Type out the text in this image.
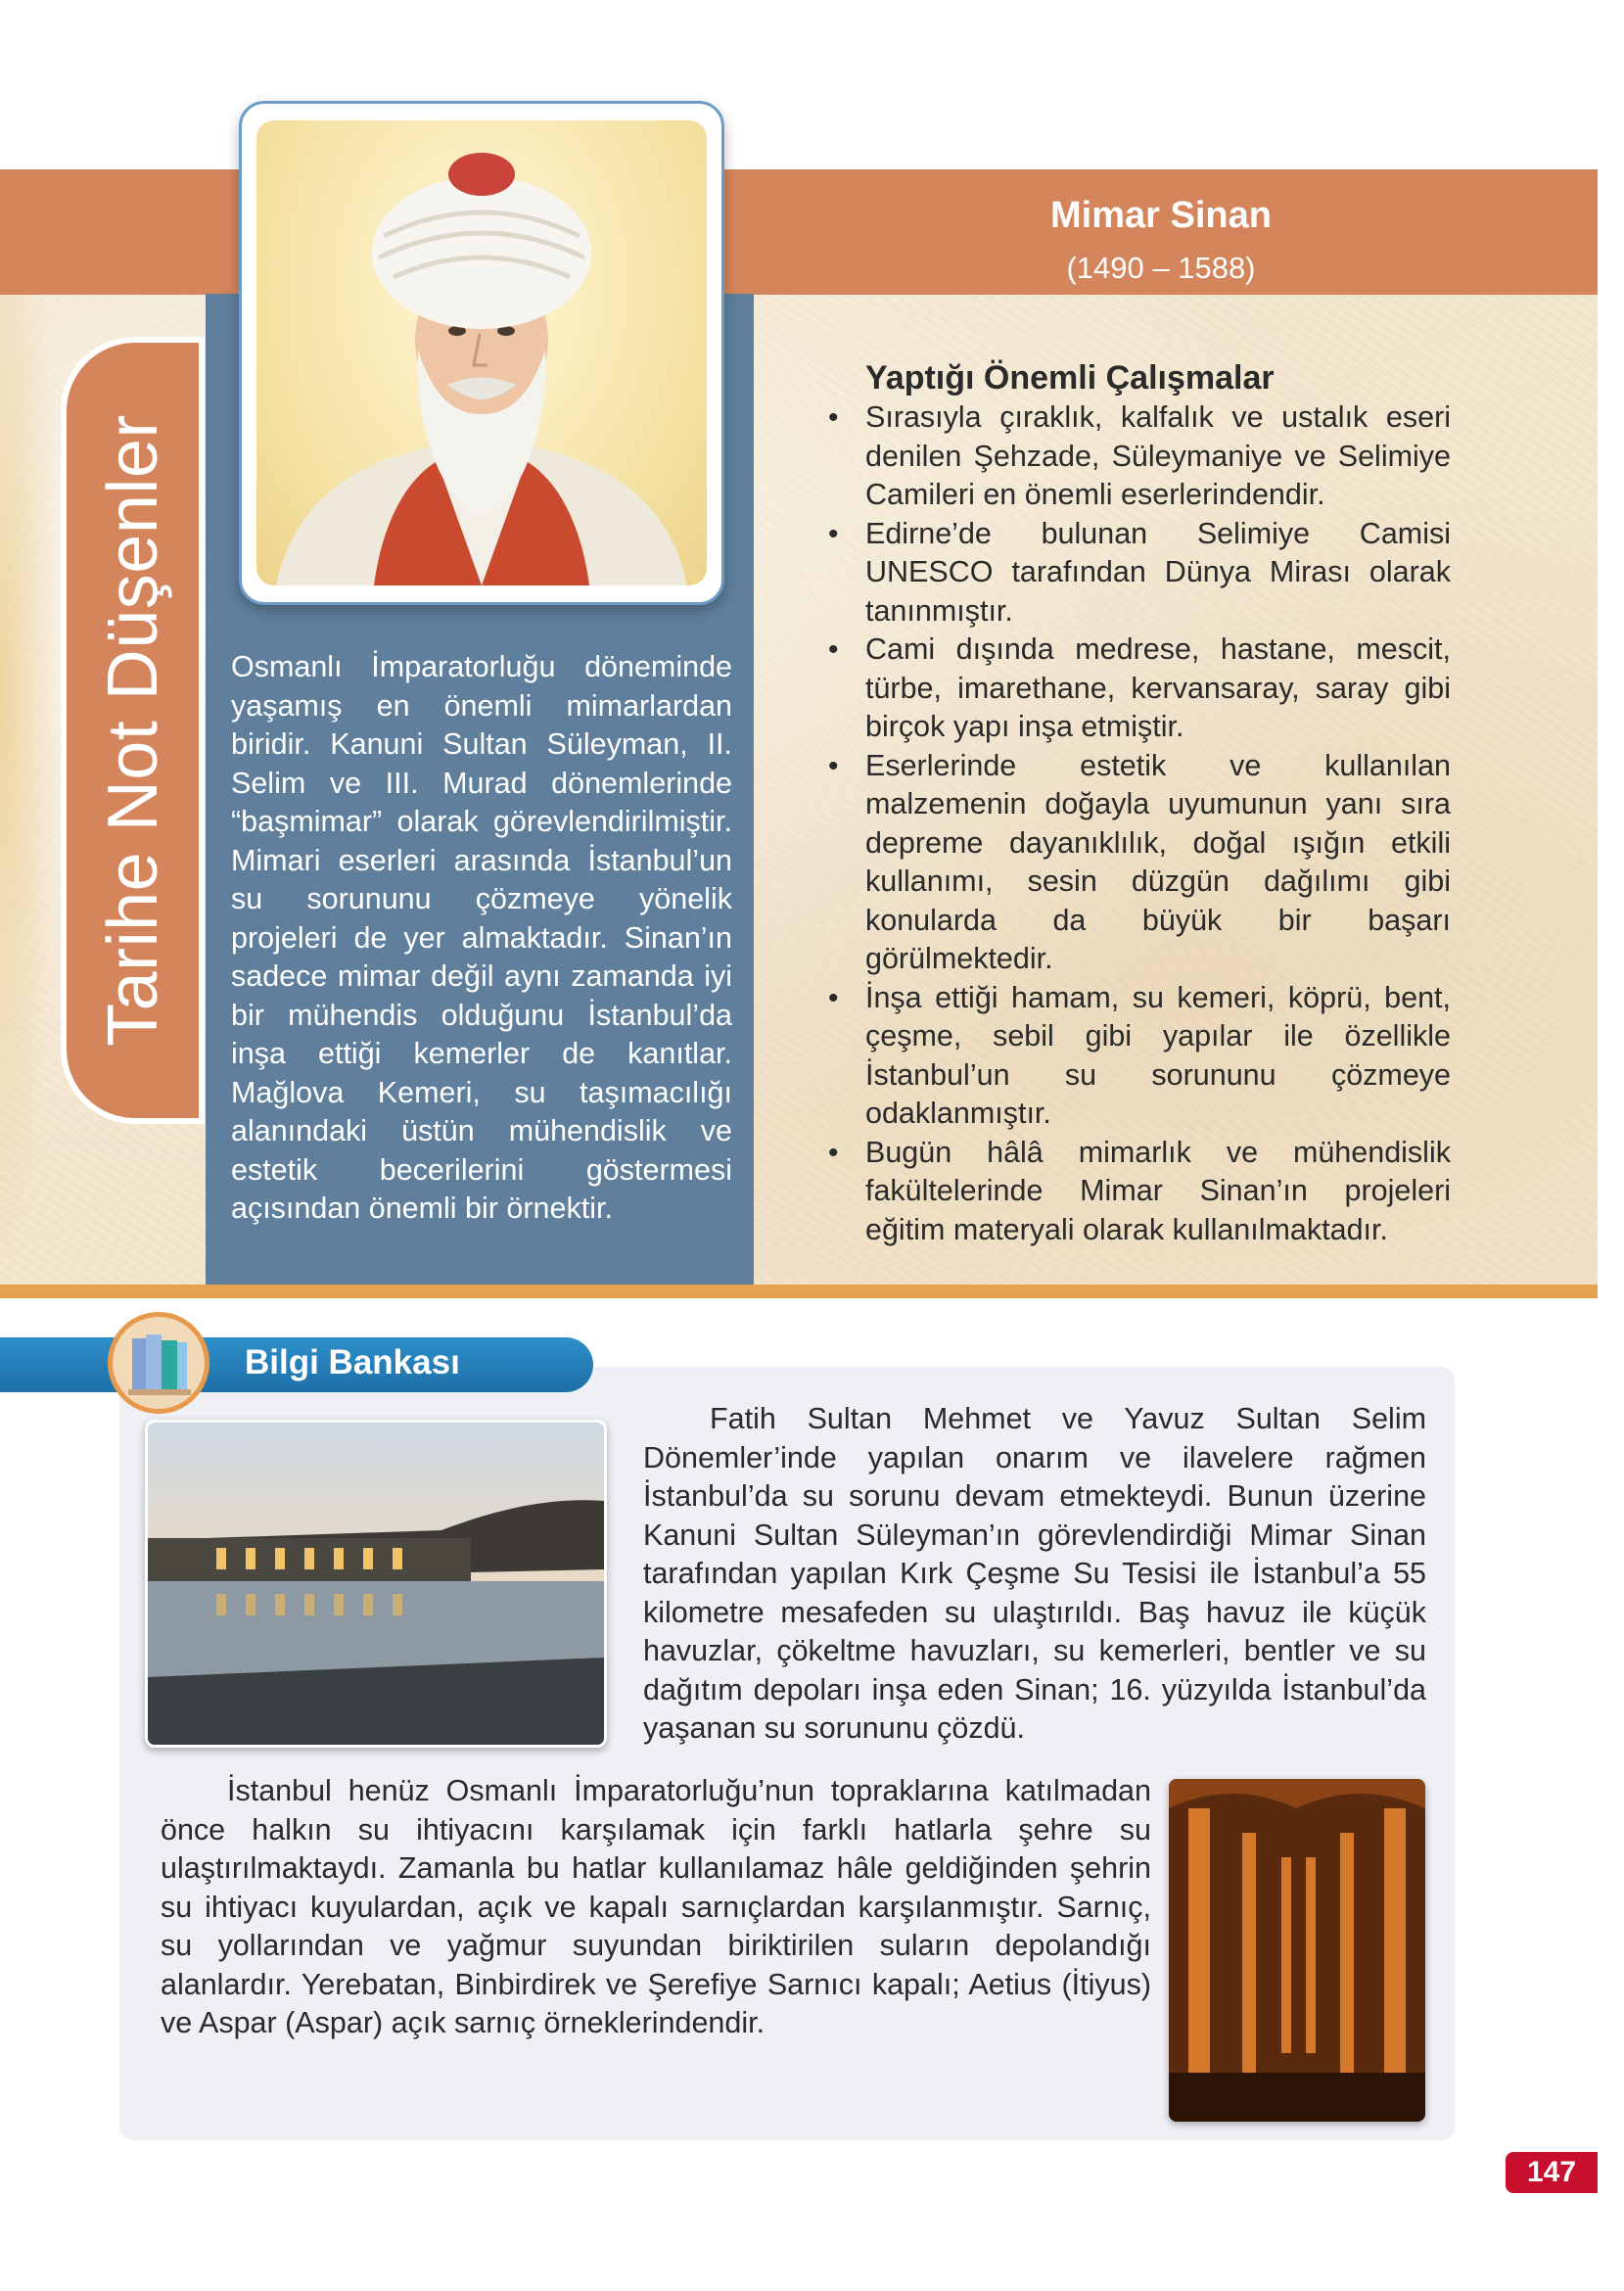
Tarihe Not Düşenler
Mimar Sinan
(1490 – 1588)

Osmanlı İmparatorluğu döneminde yaşamış en önemli mimarlardan biridir. Kanuni Sultan Süleyman, II. Selim ve III. Murad dönemlerinde “başmimar” olarak görevlendirilmiştir. Mimari eserleri arasında İstanbul’un su sorununu çözmeye yönelik projeleri de yer almaktadır. Sinan’ın sadece mimar değil aynı zamanda iyi bir mühendis olduğunu İstanbul’da inşa ettiği kemerler de kanıtlar. Mağlova Kemeri, su taşımacılığı alanındaki üstün mühendislik ve estetik becerilerini göstermesi açısından önemli bir örnektir.

Yaptığı Önemli Çalışmalar
• Sırasıyla çıraklık, kalfalık ve ustalık eseri denilen Şehzade, Süleymaniye ve Selimiye Camileri en önemli eserlerindendir.
• Edirne’de bulunan Selimiye Camisi UNESCO tarafından Dünya Mirası olarak tanınmıştır.
• Cami dışında medrese, hastane, mescit, türbe, imarethane, kervansaray, saray gibi birçok yapı inşa etmiştir.
• Eserlerinde estetik ve kullanılan malzemenin doğayla uyumunun yanı sıra depreme dayanıklılık, doğal ışığın etkili kullanımı, sesin düzgün dağılımı gibi konularda da büyük bir başarı görülmektedir.
• İnşa ettiği hamam, su kemeri, köprü, bent, çeşme, sebil gibi yapılar ile özellikle İstanbul’un su sorununu çözmeye odaklanmıştır.
• Bugün hâlâ mimarlık ve mühendislik fakültelerinde Mimar Sinan’ın projeleri eğitim materyali olarak kullanılmaktadır.
Bilgi Bankası

Fatih Sultan Mehmet ve Yavuz Sultan Selim Dönemler’inde yapılan onarım ve ilavelere rağmen İstanbul’da su sorunu devam etmekteydi. Bunun üzerine Kanuni Sultan Süleyman’ın görevlendirdiği Mimar Sinan tarafından yapılan Kırk Çeşme Su Tesisi ile İstanbul’a 55 kilometre mesafeden su ulaştırıldı. Baş havuz ile küçük havuzlar, çökeltme havuzları, su kemerleri, bentler ve su dağıtım depoları inşa eden Sinan; 16. yüzyılda İstanbul’da yaşanan su sorununu çözdü.

İstanbul henüz Osmanlı İmparatorluğu’nun topraklarına katılmadan önce halkın su ihtiyacını karşılamak için farklı hatlarla şehre su ulaştırılmaktaydı. Zamanla bu hatlar kullanılamaz hâle geldiğinden şehrin su ihtiyacı kuyulardan, açık ve kapalı sarnıçlardan karşılanmıştır. Sarnıç, su yollarından ve yağmur suyundan biriktirilen suların depolandığı alanlardır. Yerebatan, Binbirdirek ve Şerefiye Sarnıcı kapalı; Aetius (İtiyus) ve Aspar (Aspar) açık sarnıç örneklerindendir.

147
